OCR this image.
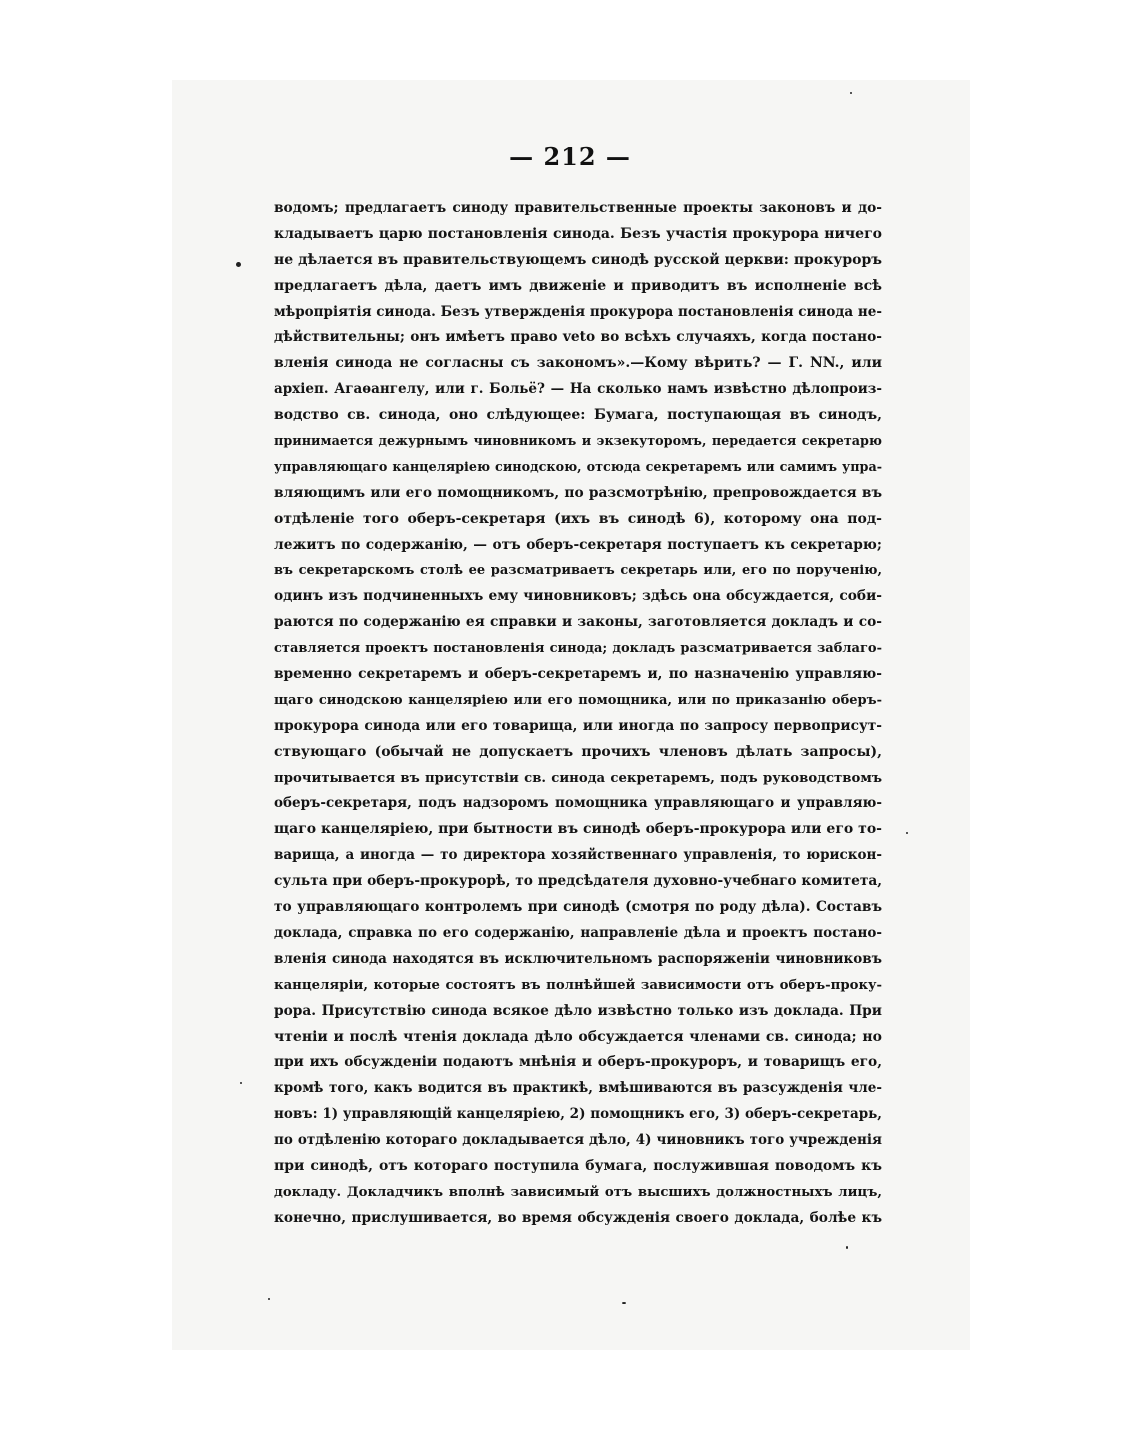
— 212 —
водомъ; предлагаетъ синоду правительственные проекты законовъ и до-
кладываетъ царю постановленія синода. Безъ участія прокурора ничего
не дѣлается въ правительствующемъ синодѣ русской церкви: прокуроръ
предлагаетъ дѣла, даетъ имъ движеніе и приводитъ въ исполненіе всѣ
мѣропріятія синода. Безъ утвержденія прокурора постановленія синода не-
дѣйствительны; онъ имѣетъ право veto во всѣхъ случаяхъ, когда постано-
вленія синода не согласны съ закономъ».—Кому вѣрить? — Г. NN., или
архіеп. Агаѳангелу, или г. Больё? — На сколько намъ извѣстно дѣлопроиз-
водство св. синода, оно слѣдующее: Бумага, поступающая въ синодъ,
принимается дежурнымъ чиновникомъ и экзекуторомъ, передается секретарю
управляющаго канцеляріею синодскою, отсюда секретаремъ или самимъ упра-
вляющимъ или его помощникомъ, по разсмотрѣнію, препровождается въ
отдѣленіе того оберъ-секретаря (ихъ въ синодѣ 6), которому она под-
лежитъ по содержанію, — отъ оберъ-секретаря поступаетъ къ секретарю;
въ секретарскомъ столѣ ее разсматриваетъ секретарь или, его по порученію,
одинъ изъ подчиненныхъ ему чиновниковъ; здѣсь она обсуждается, соби-
раются по содержанію ея справки и законы, заготовляется докладъ и со-
ставляется проектъ постановленія синода; докладъ разсматривается заблаго-
временно секретаремъ и оберъ-секретаремъ и, по назначенію управляю-
щаго синодскою канцеляріею или его помощника, или по приказанію оберъ-
прокурора синода или его товарища, или иногда по запросу первоприсут-
ствующаго (обычай не допускаетъ прочихъ членовъ дѣлать запросы),
прочитывается въ присутствіи св. синода секретаремъ, подъ руководствомъ
оберъ-секретаря, подъ надзоромъ помощника управляющаго и управляю-
щаго канцеляріею, при бытности въ синодѣ оберъ-прокурора или его то-
варища, а иногда — то директора хозяйственнаго управленія, то юрискон-
сульта при оберъ-прокурорѣ, то предсѣдателя духовно-учебнаго комитета,
то управляющаго контролемъ при синодѣ (смотря по роду дѣла). Составъ
доклада, справка по его содержанію, направленіе дѣла и проектъ постано-
вленія синода находятся въ исключительномъ распоряженіи чиновниковъ
канцеляріи, которые состоятъ въ полнѣйшей зависимости отъ оберъ-проку-
рора. Присутствію синода всякое дѣло извѣстно только изъ доклада. При
чтеніи и послѣ чтенія доклада дѣло обсуждается членами св. синода; но
при ихъ обсужденіи подаютъ мнѣнія и оберъ-прокуроръ, и товарищъ его,
кромѣ того, какъ водится въ практикѣ, вмѣшиваются въ разсужденія чле-
новъ: 1) управляющій канцеляріею, 2) помощникъ его, 3) оберъ-секретарь,
по отдѣленію котораго докладывается дѣло, 4) чиновникъ того учрежденія
при синодѣ, отъ котораго поступила бумага, послужившая поводомъ къ
докладу. Докладчикъ вполнѣ зависимый отъ высшихъ должностныхъ лицъ,
конечно, прислушивается, во время обсужденія своего доклада, болѣе къ
